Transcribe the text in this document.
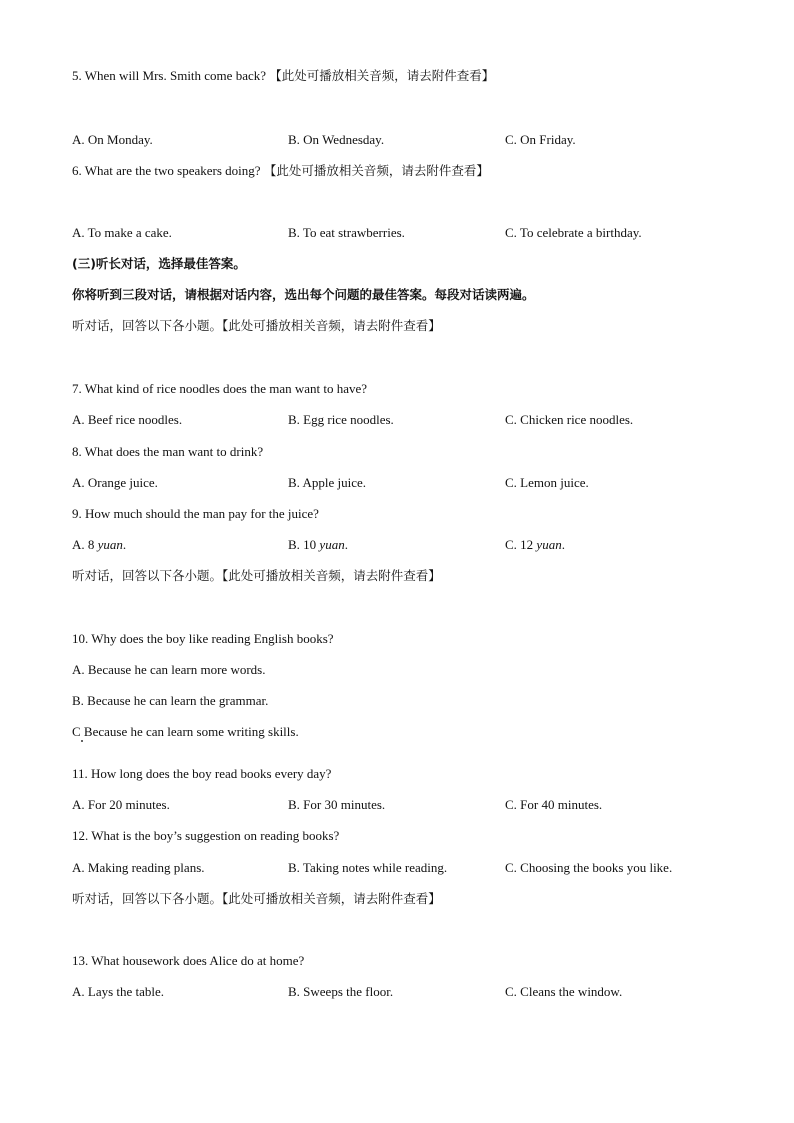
5. When will Mrs. Smith come back? 【此处可播放相关音频，请去附件查看】
A. On Monday.	B. On Wednesday.	C. On Friday.
6. What are the two speakers doing? 【此处可播放相关音频，请去附件查看】
A. To make a cake.	B. To eat strawberries.	C. To celebrate a birthday.
(三)听长对话，选择最佳答案。
你将听到三段对话，请根据对话内容，选出每个问题的最佳答案。每段对话读两遍。
听对话，回答以下各小题。【此处可播放相关音频，请去附件查看】
7. What kind of rice noodles does the man want to have?
A. Beef rice noodles.	B. Egg rice noodles.	C. Chicken rice noodles.
8. What does the man want to drink?
A. Orange juice.	B. Apple juice.	C. Lemon juice.
9. How much should the man pay for the juice?
A. 8 yuan.	B. 10 yuan.	C. 12 yuan.
听对话，回答以下各小题。【此处可播放相关音频，请去附件查看】
10. Why does the boy like reading English books?
A. Because he can learn more words.
B. Because he can learn the grammar.
C Because he can learn some writing skills.
11. How long does the boy read books every day?
A. For 20 minutes.	B. For 30 minutes.	C. For 40 minutes.
12. What is the boy’s suggestion on reading books?
A. Making reading plans.	B. Taking notes while reading.	C. Choosing the books you like.
听对话，回答以下各小题。【此处可播放相关音频，请去附件查看】
13. What housework does Alice do at home?
A. Lays the table.	B. Sweeps the floor.	C. Cleans the window.
